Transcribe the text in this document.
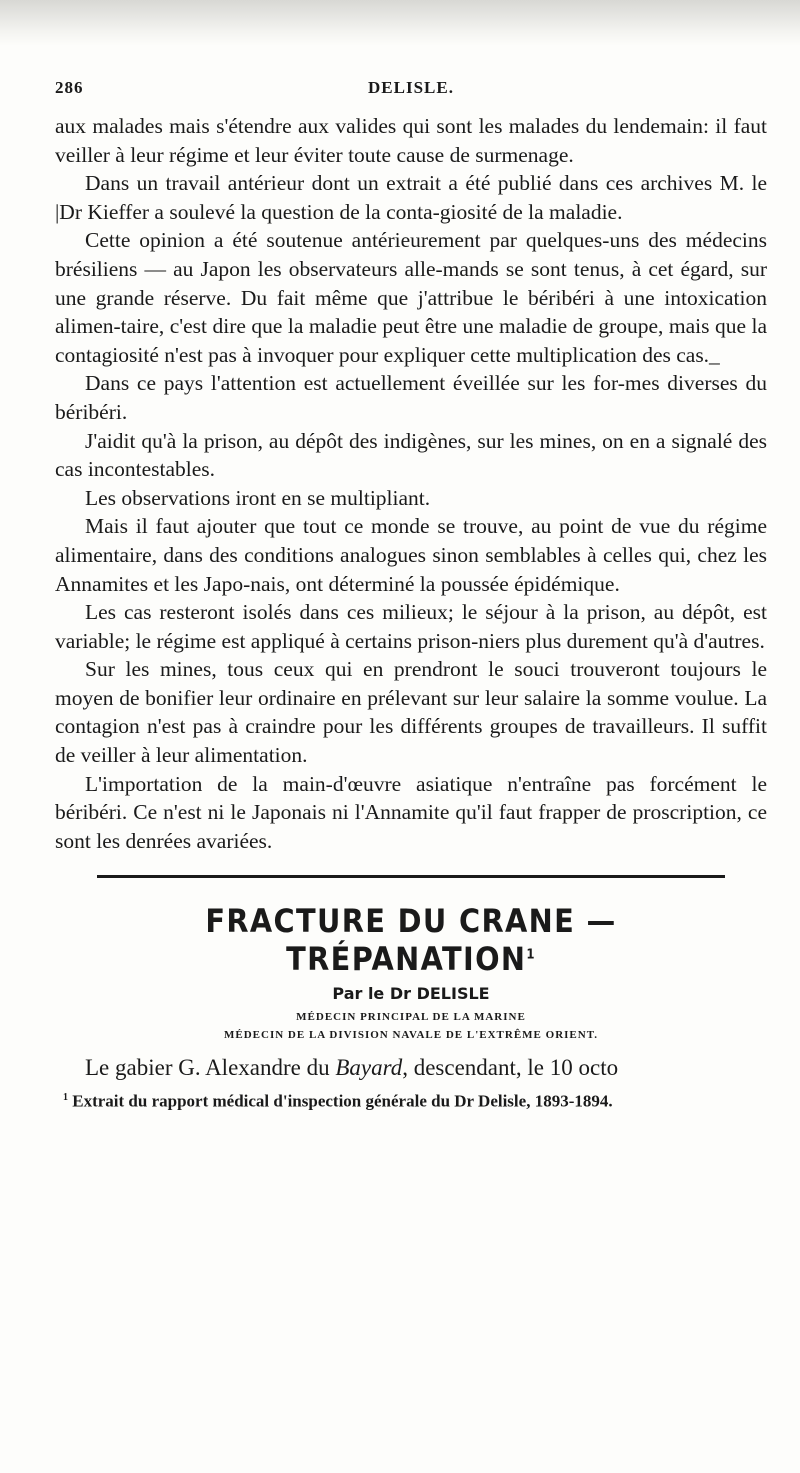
286	DELISLE.

aux malades mais s'étendre aux valides qui sont les malades du lendemain: il faut veiller à leur régime et leur éviter toute cause de surmenage.

Dans un travail antérieur dont un extrait a été publié dans ces archives M. le |Dr Kieffer a soulevé la question de la conta-giosité de la maladie.

Cette opinion a été soutenue antérieurement par quelques-uns des médecins brésiliens — au Japon les observateurs alle-mands se sont tenus, à cet égard, sur une grande réserve. Du fait même que j'attribue le béribéri à une intoxication alimen-taire, c'est dire que la maladie peut être une maladie de groupe, mais que la contagiosité n'est pas à invoquer pour expliquer cette multiplication des cas._

Dans ce pays l'attention est actuellement éveillée sur les for-mes diverses du béribéri.

J'aidit qu'à la prison, au dépôt des indigènes, sur les mines, on en a signalé des cas incontestables.

Les observations iront en se multipliant.

Mais il faut ajouter que tout ce monde se trouve, au point de vue du régime alimentaire, dans des conditions analogues sinon semblables à celles qui, chez les Annamites et les Japo-nais, ont déterminé la poussée épidémique.

Les cas resteront isolés dans ces milieux; le séjour à la prison, au dépôt, est variable; le régime est appliqué à certains prison-niers plus durement qu'à d'autres.

Sur les mines, tous ceux qui en prendront le souci trouveront toujours le moyen de bonifier leur ordinaire en prélevant sur leur salaire la somme voulue. La contagion n'est pas à craindre pour les différents groupes de travailleurs. Il suffit de veiller à leur alimentation.

L'importation de la main-d'œuvre asiatique n'entraîne pas forcément le béribéri. Ce n'est ni le Japonais ni l'Annamite qu'il faut frapper de proscription, ce sont les denrées avariées.

FRACTURE DU CRANE — TRÉPANATION$^1$
Par le Dr DELISLE
MÉDECIN PRINCIPAL DE LA MARINE
MÉDECIN DE LA DIVISION NAVALE DE L'EXTRÊME ORIENT.

Le gabier G. Alexandre du Bayard, descendant, le 10 octo

$^1$ Extrait du rapport médical d'inspection générale du Dr Delisle, 1893-1894.
